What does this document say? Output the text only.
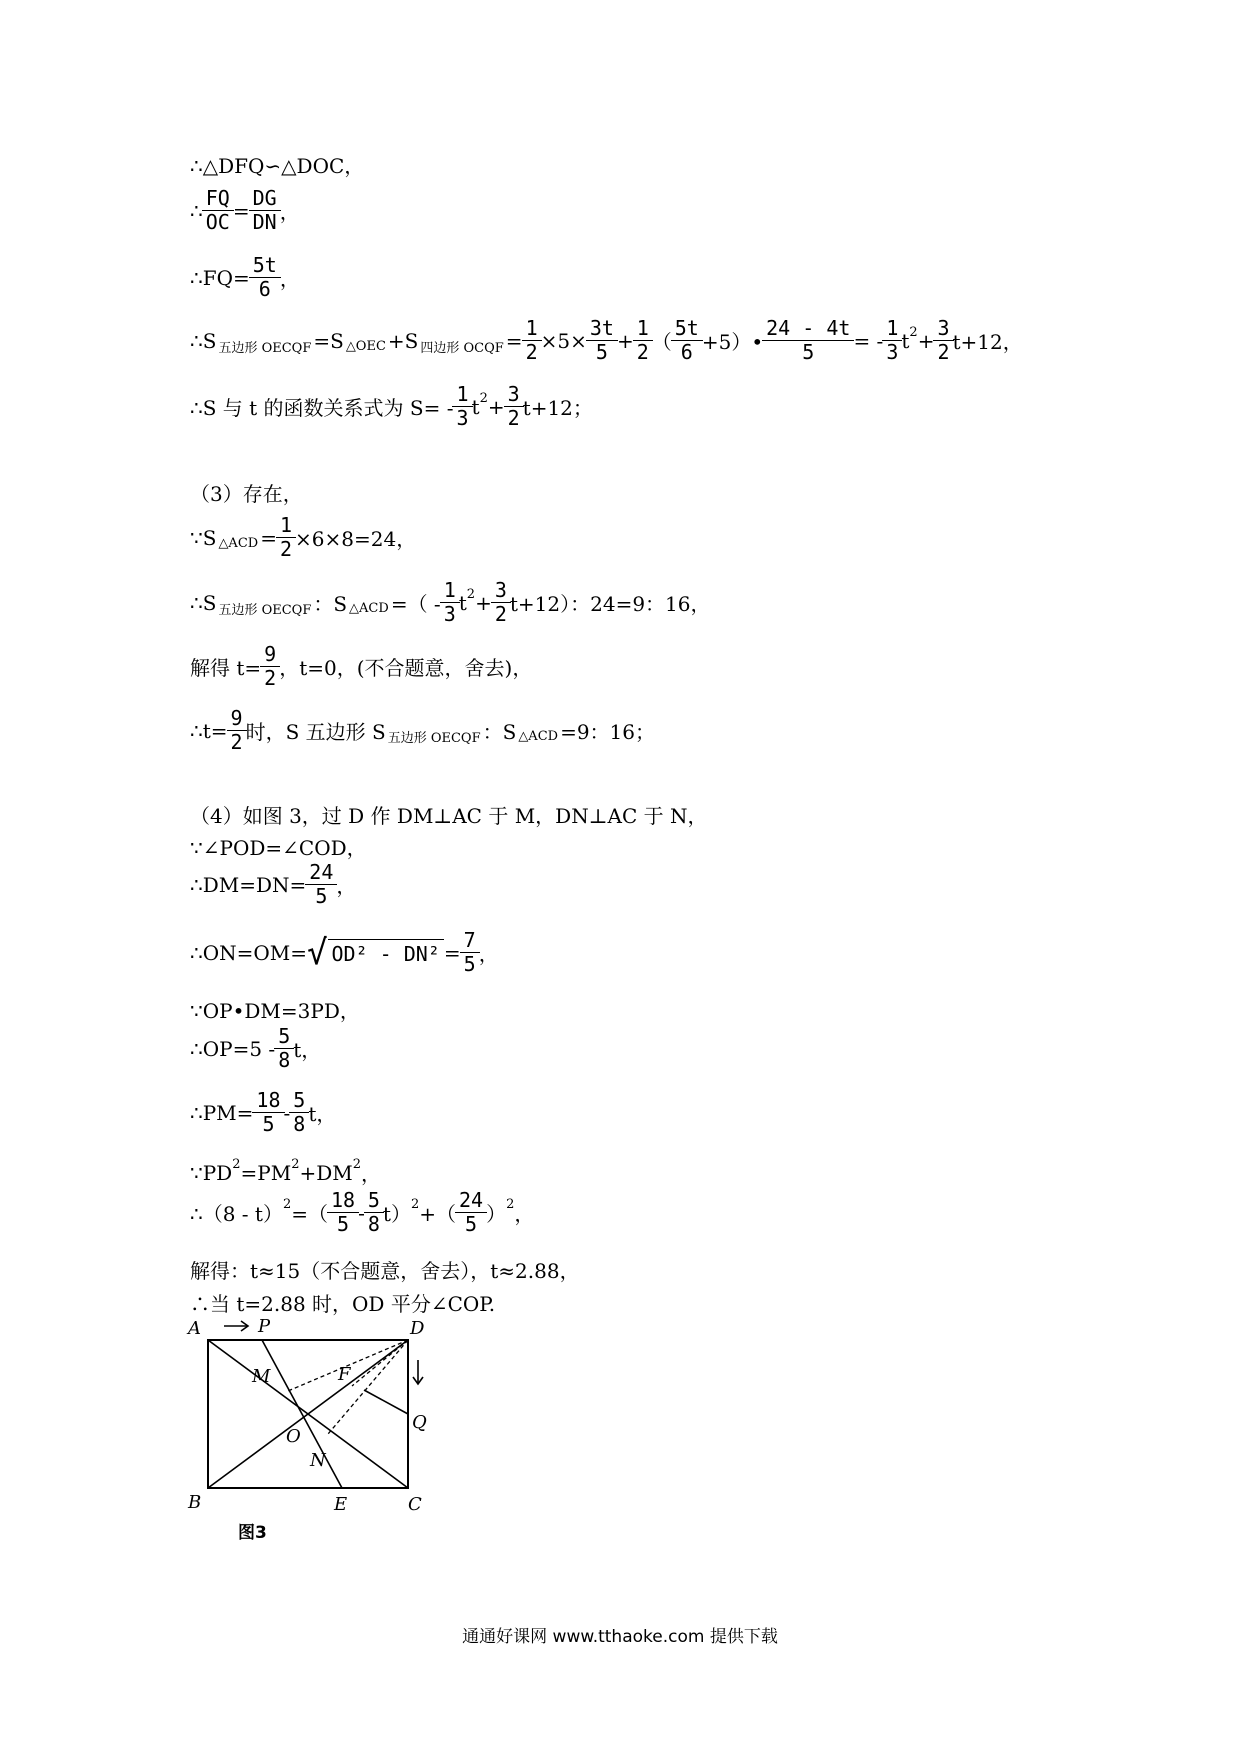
∴△DFQ∽△DOC，
∴ $\frac{FQ}{OC} = \frac{DG}{DN}$ ，
∴FQ= $\frac{5t}{6}$ ，
∴S 五边形 OECQF =S △OEC +S 四边形 OCQF = $\frac{1}{2} \times 5\times \frac{3t}{5} + \frac{1}{2}$ （ $\frac{5t}{6}$ +5）• $\frac{24 - 4t}{5}$ = - $\frac{1}{3}$ t $2 + \frac{3}{2} t+12$，
∴S 与 t 的函数关系式为 $S= - \frac{1}{3}$ t $2 + \frac{3}{2} t+12$；
（3）存在，
∵S △ACD = $\frac{1}{2} \times 6\times 8=24$，
∴S 五边形 OECQF ：S △ACD =（ - $\frac{1}{3}$ t $2 + \frac{3}{2} t+12$）：24=9：16，
解得 $t= \frac{9}{2}$ ，t=0，(不合题意，舍去)，
∴t= $\frac{9}{2}$ 时，S 五边形 S 五边形 OECQF ：S △ACD =9：16；
（4）如图 3，过 D 作 DM⊥AC 于 M，DN⊥AC 于 N，
∵∠POD=∠COD，
∴DM=DN= $\frac{24}{5}$ ，
∴ON=OM= √ $OD^2 - DN^2 = \frac{7}{5}$ ，
∵OP•DM=3PD，
∴OP=5 - $\frac{5}{8}$ t，
∴PM= $\frac{18}{5} - \frac{5}{8}$ t，
∵PD 2 =PM 2 +DM 2 ，
∴（8 - t） 2 =（ $\frac{18}{5} - \frac{5}{8} t$） 2 +（ $\frac{24}{5}$ ） 2 ，
解得：t≈15（不合题意，舍去），t≈2.88，
∴当 t=2.88 时，OD 平分∠COP.
A	P	D
M	F
Q
O
N
B	E	C
图3
通通好课网 www.tthaoke.com 提供下载
